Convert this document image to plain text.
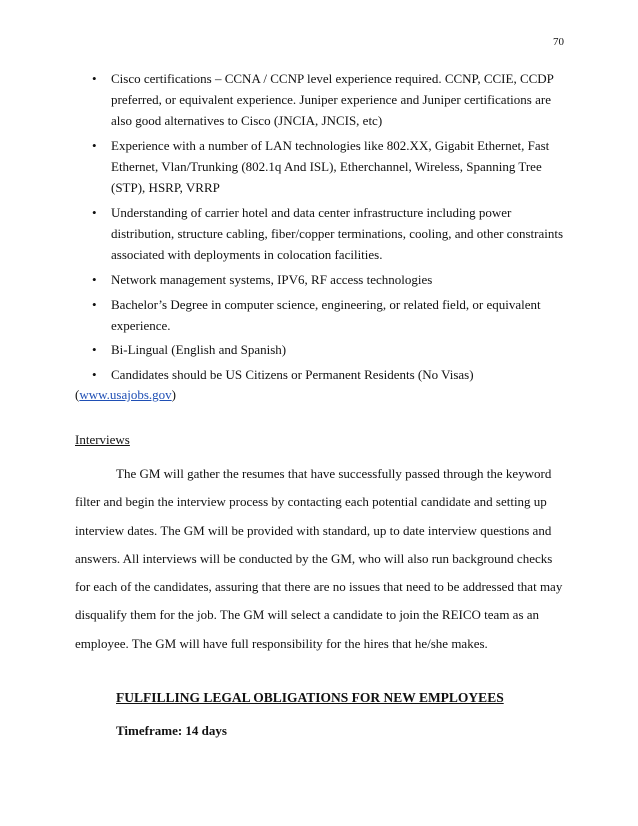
70
• Cisco certifications – CCNA / CCNP level experience required. CCNP, CCIE, CCDP preferred, or equivalent experience. Juniper experience and Juniper certifications are also good alternatives to Cisco (JNCIA, JNCIS, etc)
• Experience with a number of LAN technologies like 802.XX, Gigabit Ethernet, Fast Ethernet, Vlan/Trunking (802.1q And ISL), Etherchannel, Wireless, Spanning Tree (STP), HSRP, VRRP
• Understanding of carrier hotel and data center infrastructure including power distribution, structure cabling, fiber/copper terminations, cooling, and other constraints associated with deployments in colocation facilities.
• Network management systems, IPV6, RF access technologies
• Bachelor’s Degree in computer science, engineering, or related field, or equivalent experience.
• Bi-Lingual (English and Spanish)
• Candidates should be US Citizens or Permanent Residents (No Visas)
(www.usajobs.gov)
Interviews

The GM will gather the resumes that have successfully passed through the keyword filter and begin the interview process by contacting each potential candidate and setting up interview dates. The GM will be provided with standard, up to date interview questions and answers. All interviews will be conducted by the GM, who will also run background checks for each of the candidates, assuring that there are no issues that need to be addressed that may disqualify them for the job. The GM will select a candidate to join the REICO team as an employee. The GM will have full responsibility for the hires that he/she makes.

FULFILLING LEGAL OBLIGATIONS FOR NEW EMPLOYEES
Timeframe: 14 days
